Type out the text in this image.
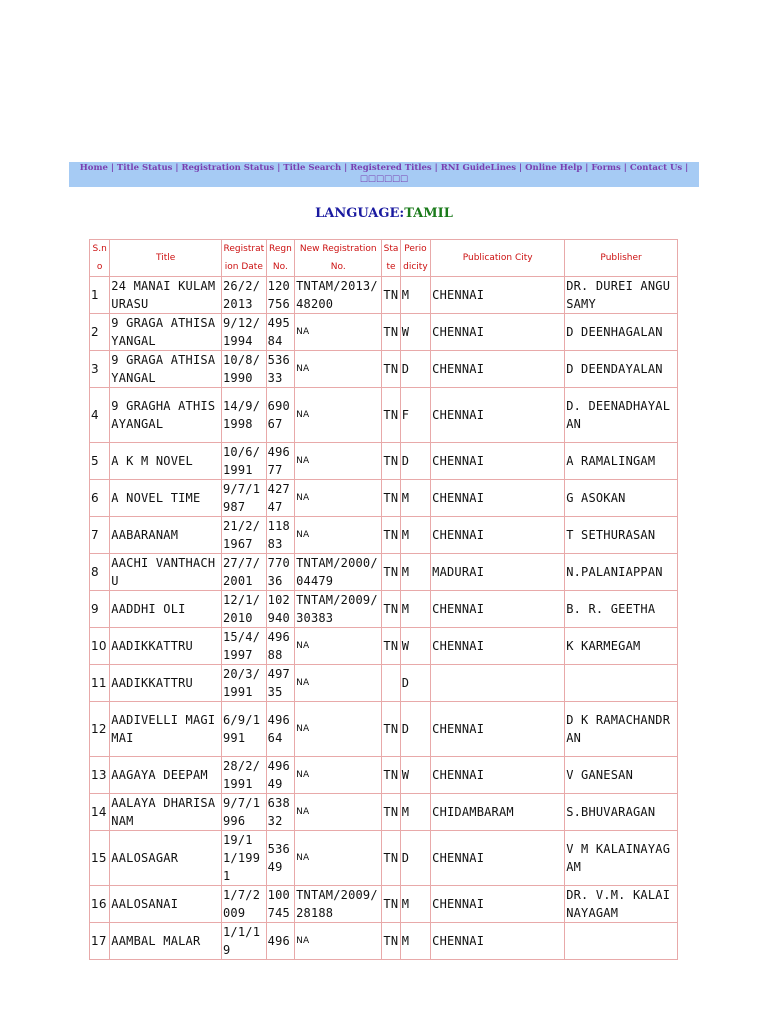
Home | Title Status | Registration Status | Title Search | Registered Titles | RNI GuideLines | Online Help | Forms | Contact Us | □□□□□□
LANGUAGE:TAMIL
S.no	Title	Registration Date	Regn No.	New Registration No.	State	Periodicity	Publication City	Publisher
1	24 MANAI KULAMURASU	26/2/2013	120756	TNTAM/2013/48200	TN	M	CHENNAI	DR. DUREI ANGUSAMY
2	9 GRAGA ATHISAYANGAL	9/12/1994	49584	NA	TN	W	CHENNAI	D DEENHAGALAN
3	9 GRAGA ATHISAYANGAL	10/8/1990	53633	NA	TN	D	CHENNAI	D DEENDAYALAN
4	9 GRAGHA ATHISAYANGAL	14/9/1998	69067	NA	TN	F	CHENNAI	D. DEENADHAYALAN
5	A K M NOVEL	10/6/1991	49677	NA	TN	D	CHENNAI	A RAMALINGAM
6	A NOVEL TIME	9/7/1987	42747	NA	TN	M	CHENNAI	G ASOKAN
7	AABARANAM	21/2/1967	11883	NA	TN	M	CHENNAI	T SETHURASAN
8	AACHI VANTHACHU	27/7/2001	77036	TNTAM/2000/04479	TN	M	MADURAI	N.PALANIAPPAN
9	AADDHI OLI	12/1/2010	102940	TNTAM/2009/30383	TN	M	CHENNAI	B. R. GEETHA
10	AADIKKATTRU	15/4/1997	49688	NA	TN	W	CHENNAI	K KARMEGAM
11	AADIKKATTRU	20/3/1991	49735	NA		D		
12	AADIVELLI MAGIMAI	6/9/1991	49664	NA	TN	D	CHENNAI	D K RAMACHANDRAN
13	AAGAYA DEEPAM	28/2/1991	49649	NA	TN	W	CHENNAI	V GANESAN
14	AALAYA DHARISANAM	9/7/1996	63832	NA	TN	M	CHIDAMBARAM	S.BHUVARAGAN
15	AALOSAGAR	19/11/1991	53649	NA	TN	D	CHENNAI	V M KALAINAYAGAM
16	AALOSANAI	1/7/2009	100745	TNTAM/2009/28188	TN	M	CHENNAI	DR. V.M. KALAINAYAGAM
17	AAMBAL MALAR	1/1/19	496	NA	TN	M	CHENNAI	
